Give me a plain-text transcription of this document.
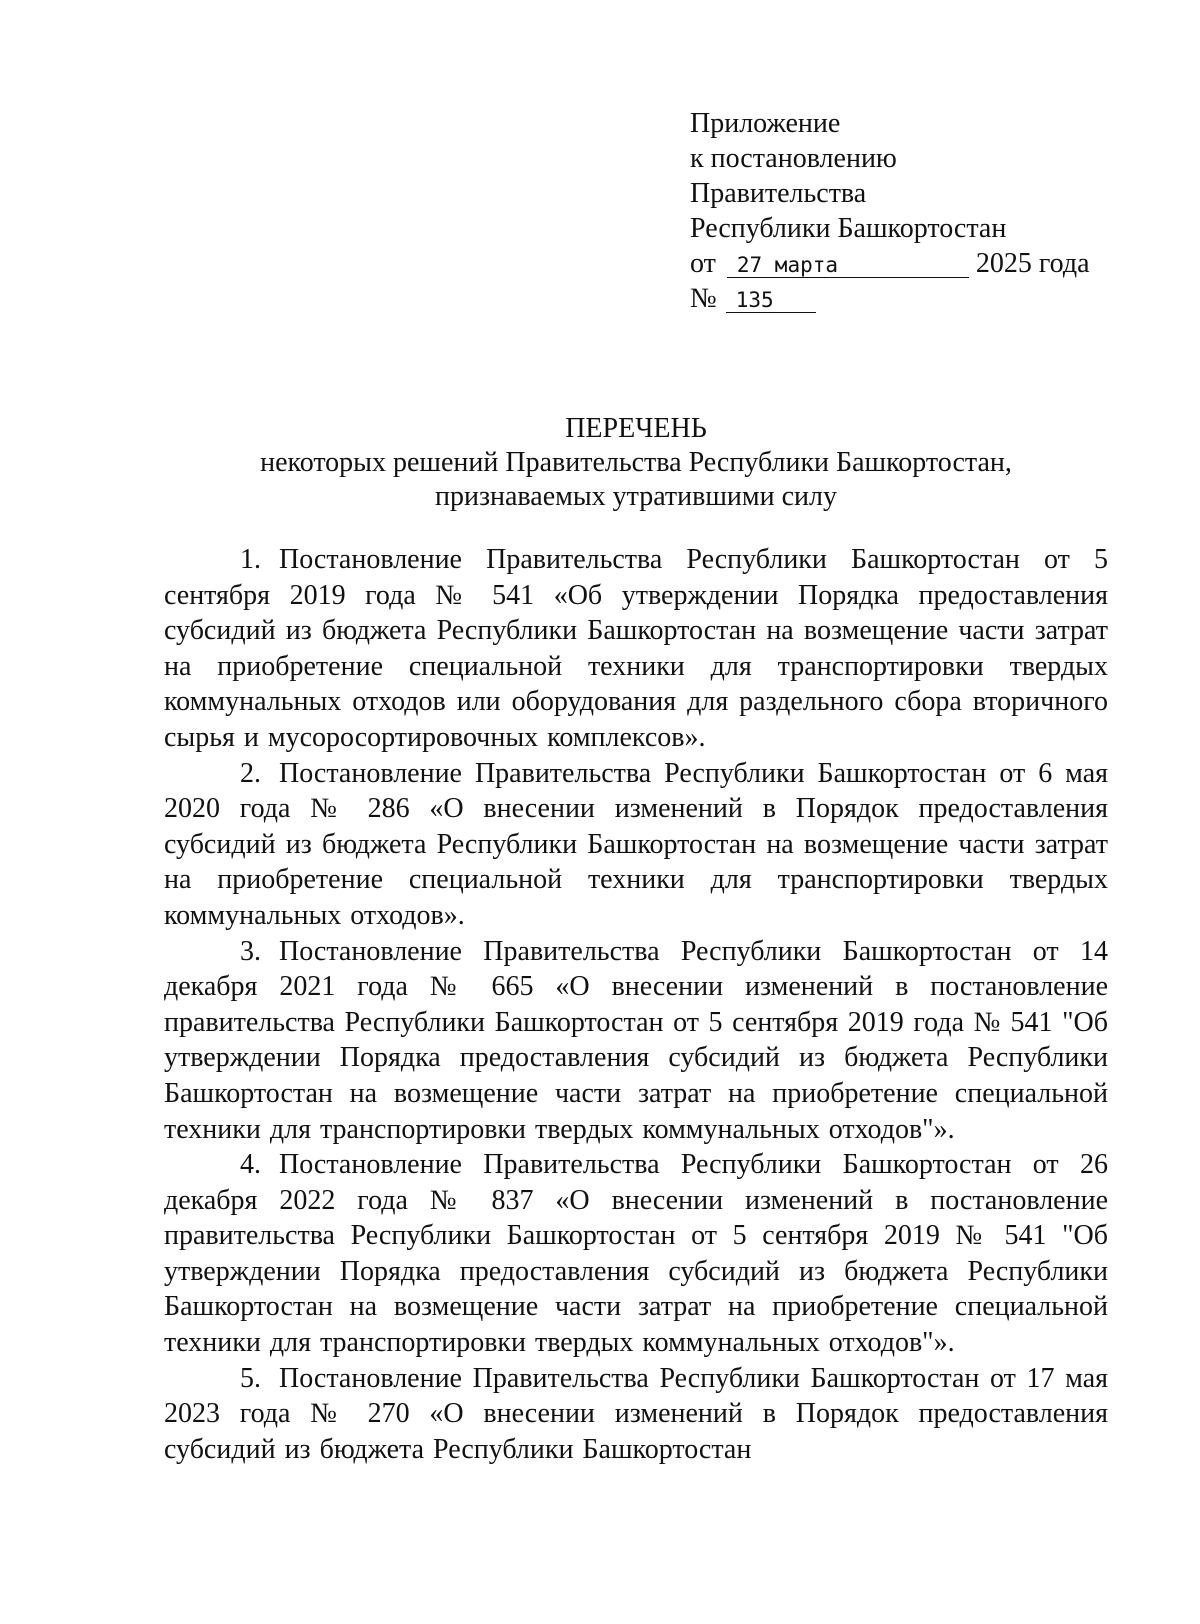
Приложение
к постановлению
Правительства
Республики Башкортостан
от 27 марта	2025 года
№ 135
ПЕРЕЧЕНЬ
некоторых решений Правительства Республики Башкортостан,
признаваемых утратившими силу

1. Постановление Правительства Республики Башкортостан от 5 сентября 2019 года № 541 «Об утверждении Порядка предоставления субсидий из бюджета Республики Башкортостан на возмещение части затрат на приобретение специальной техники для транспортировки твердых коммунальных отходов или оборудования для раздельного сбора вторичного сырья и мусоросортировочных комплексов».

2. Постановление Правительства Республики Башкортостан от 6 мая 2020 года № 286 «О внесении изменений в Порядок предоставления субсидий из бюджета Республики Башкортостан на возмещение части затрат на приобретение специальной техники для транспортировки твердых коммунальных отходов».

3. Постановление Правительства Республики Башкортостан от 14 декабря 2021 года № 665 «О внесении изменений в постановление правительства Республики Башкортостан от 5 сентября 2019 года № 541 "Об утверждении Порядка предоставления субсидий из бюджета Республики Башкортостан на возмещение части затрат на приобретение специальной техники для транспортировки твердых коммунальных отходов"».

4. Постановление Правительства Республики Башкортостан от 26 декабря 2022 года № 837 «О внесении изменений в постановление правительства Республики Башкортостан от 5 сентября 2019 № 541 "Об утверждении Порядка предоставления субсидий из бюджета Республики Башкортостан на возмещение части затрат на приобретение специальной техники для транспортировки твердых коммунальных отходов"».

5. Постановление Правительства Республики Башкортостан от 17 мая 2023 года № 270 «О внесении изменений в Порядок предоставления субсидий из бюджета Республики Башкортостан
